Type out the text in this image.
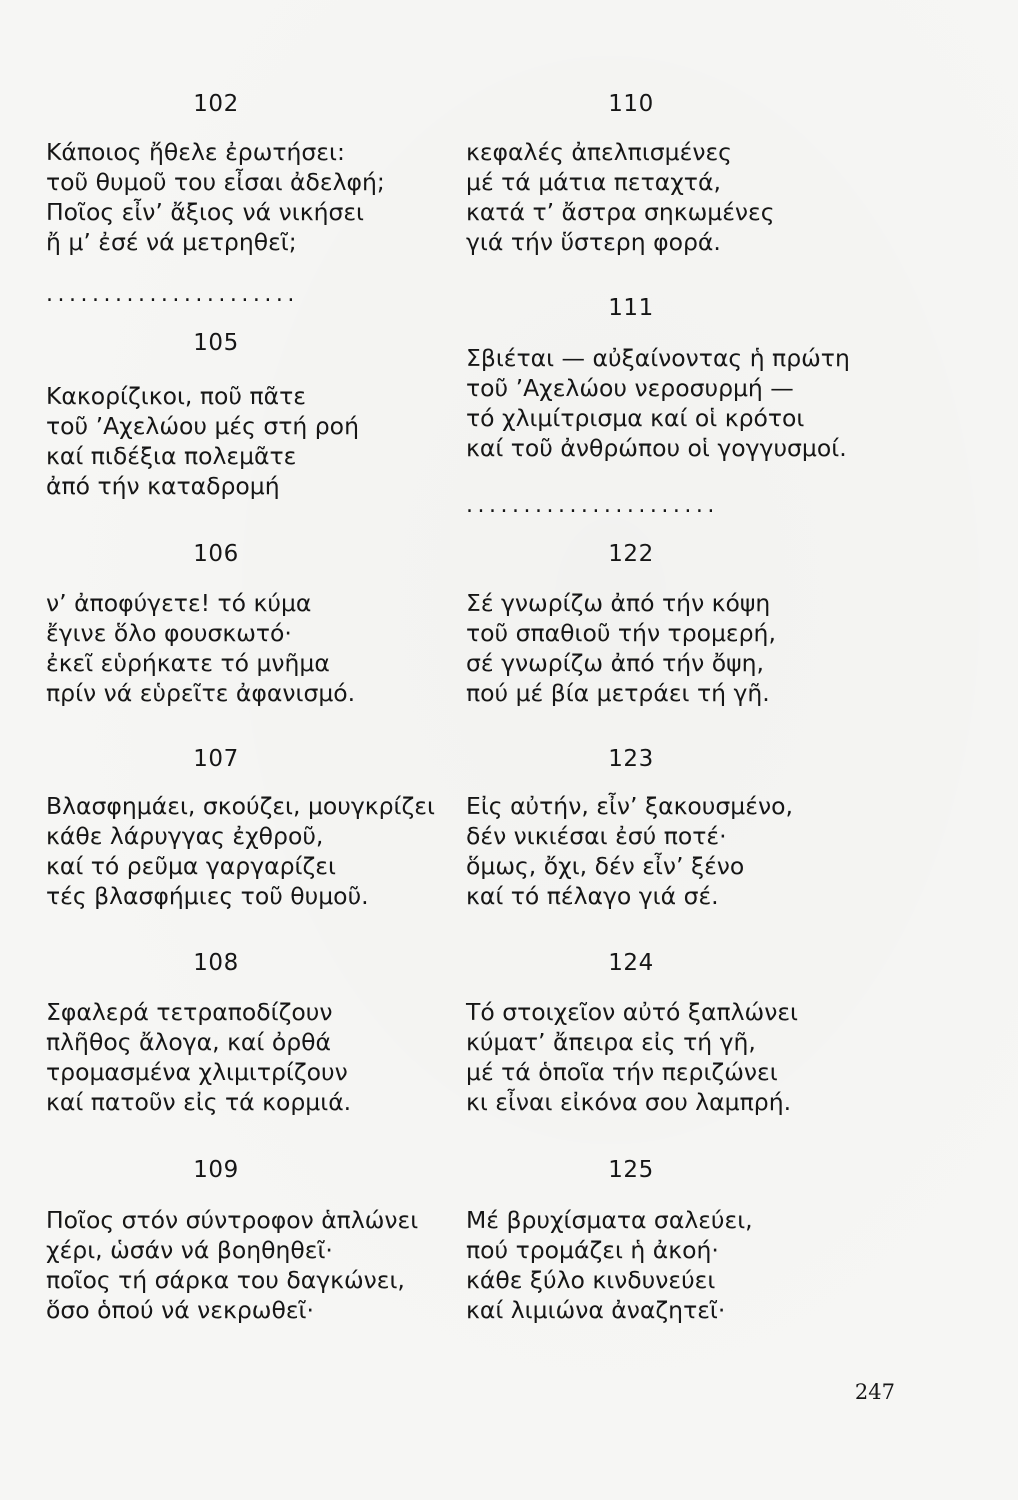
102
Κάποιος ἤθελε ἐρωτήσει:
τοῦ θυμοῦ του εἶσαι ἀδελφή;
Ποῖος εἶν’ ἄξιος νά νικήσει
ἤ μ’ ἐσέ νά μετρηθεῖ;
......................
105
Κακορίζικοι, ποῦ πᾶτε
τοῦ ’Αχελώου μές στή ροή
καί πιδέξια πολεμᾶτε
ἀπό τήν καταδρομή
106
ν’ ἀποφύγετε! τό κύμα
ἔγινε ὅλο φουσκωτό·
ἐκεῖ εὑρήκατε τό μνῆμα
πρίν νά εὑρεῖτε ἀφανισμό.
107
Βλασφημάει, σκούζει, μουγκρίζει
κάθε λάρυγγας ἐχθροῦ,
καί τό ρεῦμα γαργαρίζει
τές βλασφήμιες τοῦ θυμοῦ.
108
Σφαλερά τετραποδίζουν
πλῆθος ἄλογα, καί ὀρθά
τρομασμένα χλιμιτρίζουν
καί πατοῦν εἰς τά κορμιά.
109
Ποῖος στόν σύντροφον ἁπλώνει
χέρι, ὡσάν νά βοηθηθεῖ·
ποῖος τή σάρκα του δαγκώνει,
ὅσο ὁπού νά νεκρωθεῖ·
110
κεφαλές ἀπελπισμένες
μέ τά μάτια πεταχτά,
κατά τ’ ἄστρα σηκωμένες
γιά τήν ὕστερη φορά.
111
Σβιέται — αὐξαίνοντας ἡ πρώτη
τοῦ ’Αχελώου νεροσυρμή —
τό χλιμίτρισμα καί οἱ κρότοι
καί τοῦ ἀνθρώπου οἱ γογγυσμοί.
......................
122
Σέ γνωρίζω ἀπό τήν κόψη
τοῦ σπαθιοῦ τήν τρομερή,
σέ γνωρίζω ἀπό τήν ὄψη,
πού μέ βία μετράει τή γῆ.
123
Εἰς αὐτήν, εἶν’ ξακουσμένο,
δέν νικιέσαι ἐσύ ποτέ·
ὅμως, ὄχι, δέν εἶν’ ξένο
καί τό πέλαγο γιά σέ.
124
Τό στοιχεῖον αὐτό ξαπλώνει
κύματ’ ἄπειρα εἰς τή γῆ,
μέ τά ὁποῖα τήν περιζώνει
κι εἶναι εἰκόνα σου λαμπρή.
125
Μέ βρυχίσματα σαλεύει,
πού τρομάζει ἡ ἀκοή·
κάθε ξύλο κινδυνεύει
καί λιμιώνα ἀναζητεῖ·
247
